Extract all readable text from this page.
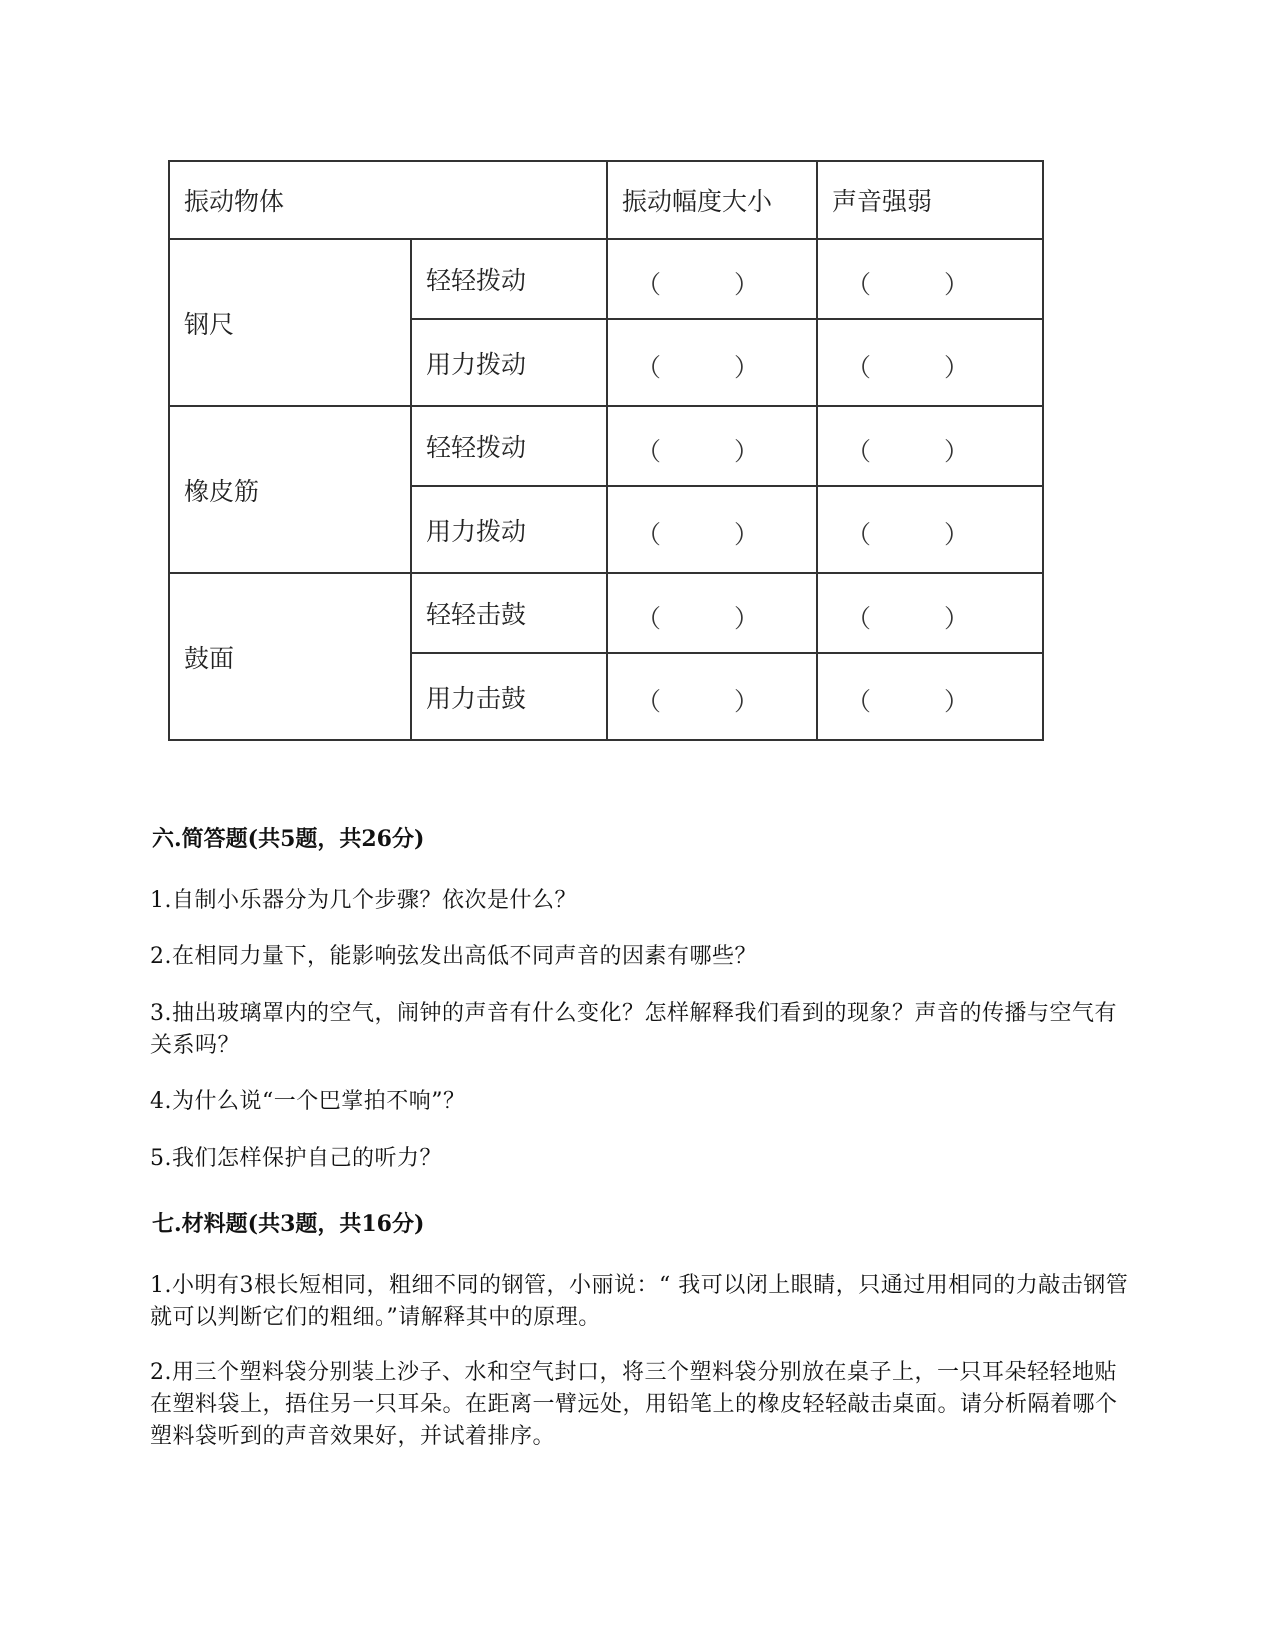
振动物体		振动幅度大小	声音强弱
钢尺	轻轻拨动	（ ）	（ ）

	用力拨动	（ ）	（ ）

橡皮筋	轻轻拨动	（ ）	（ ）

	用力拨动	（ ）	（ ）

鼓面	轻轻击鼓	（ ）	（ ）

	用力击鼓	（ ）	（ ）
六.简答题(共5题，共26分)
1.自制小乐器分为几个步骤？依次是什么？
2.在相同力量下，能影响弦发出高低不同声音的因素有哪些？
3.抽出玻璃罩内的空气，闹钟的声音有什么变化？怎样解释我们看到的现象？声音的传播与空气有关系吗？
4.为什么说“一个巴掌拍不响”？
5.我们怎样保护自己的听力？
七.材料题(共3题，共16分)
1.小明有3根长短相同，粗细不同的钢管，小丽说：“ 我可以闭上眼睛，只通过用相同的力敲击钢管就可以判断它们的粗细。”请解释其中的原理。
2.用三个塑料袋分别装上沙子、水和空气封口，将三个塑料袋分别放在桌子上，一只耳朵轻轻地贴在塑料袋上，捂住另一只耳朵。在距离一臂远处，用铅笔上的橡皮轻轻敲击桌面。请分析隔着哪个塑料袋听到的声音效果好，并试着排序。
